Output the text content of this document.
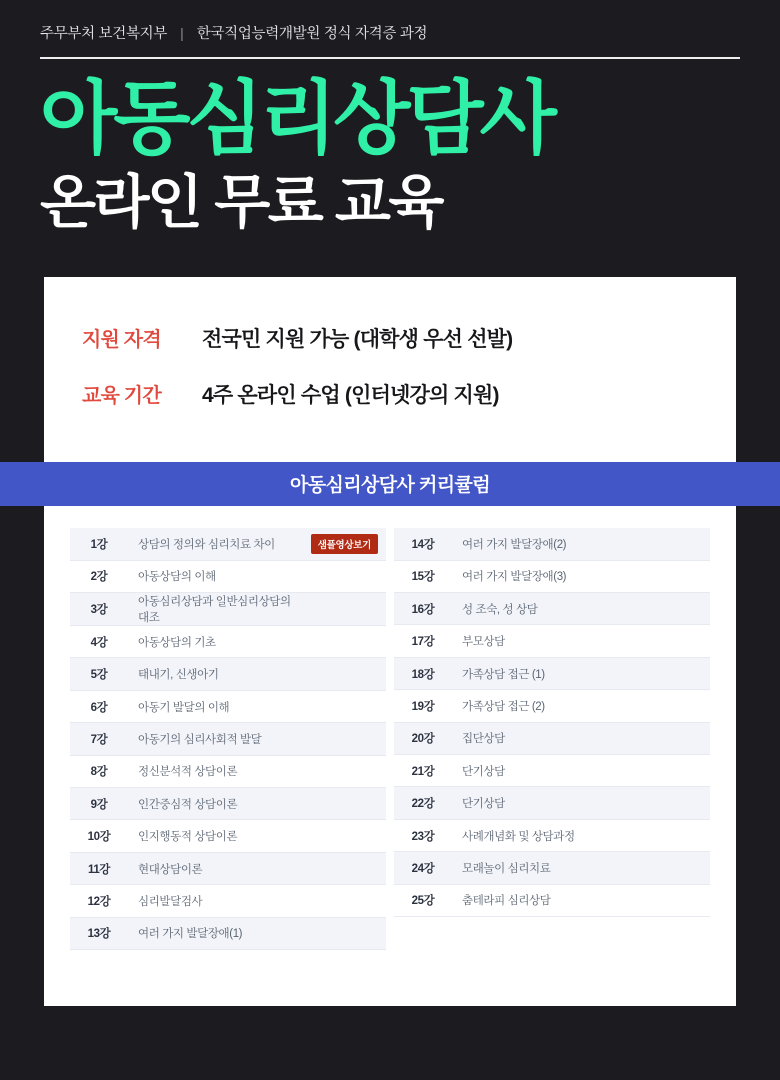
주무부처 보건복지부 | 한국직업능력개발원 정식 자격증 과정
아동심리상담사
온라인 무료 교육
지원 자격	전국민 지원 가능 (대학생 우선 선발)
교육 기간	4주 온라인 수업 (인터넷강의 지원)
아동심리상담사 커리큘럼
1강	상담의 정의와 심리치료 차이 샘플영상보기

2강	아동상담의 이해
3강	아동심리상담과 일반심리상담의 대조
4강	아동상담의 기초
5강	태내기, 신생아기
6강	아동기 발달의 이해
7강	아동기의 심리사회적 발달
8강	정신분석적 상담이론
9강	인간중심적 상담이론
10강	인지행동적 상담이론
11강	현대상담이론
12강	심리발달검사
13강	여러 가지 발달장애(1)
14강	여러 가지 발달장애(2)
15강	여러 가지 발달장애(3)
16강	성 조숙, 성 상담
17강	부모상담
18강	가족상담 접근 (1)
19강	가족상담 접근 (2)
20강	집단상담
21강	단기상담
22강	단기상담
23강	사례개념화 및 상담과정
24강	모래놀이 심리치료
25강	춤테라피 심리상담
